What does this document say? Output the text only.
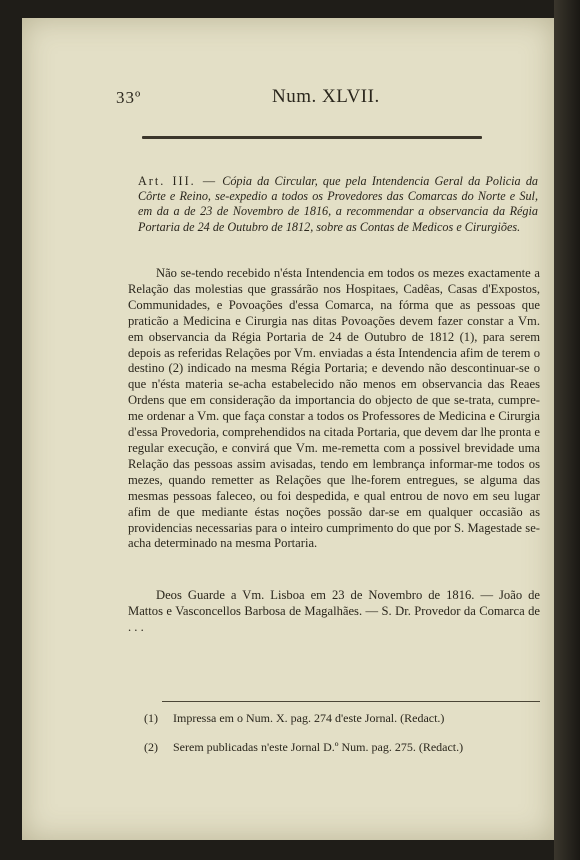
33º	Num. XLVII.
Art. III. — Cópia da Circular, que pela Intendencia Geral da Policia da Côrte e Reino, se-expedio a todos os Provedores das Comarcas do Norte e Sul, em da a de 23 de Novembro de 1816, a recommendar a observancia da Régia Portaria de 24 de Outubro de 1812, sobre as Contas de Medicos e Cirurgiões.
Não se-tendo recebido n'ésta Intendencia em todos os mezes exactamente a Relação das molestias que grassárão nos Hospitaes, Cadêas, Casas d'Expostos, Communidades, e Povoações d'essa Comarca, na fórma que as pessoas que praticão a Medicina e Cirurgia nas ditas Povoações devem fazer constar a Vm. em observancia da Régia Portaria de 24 de Outubro de 1812 (1), para serem depois as referidas Relações por Vm. enviadas a ésta Intendencia afim de terem o destino (2) indicado na mesma Régia Portaria; e devendo não descontinuar-se o que n'ésta materia se-acha estabelecido não menos em observancia das Reaes Ordens que em consideração da importancia do objecto de que se-trata, cumpre-me ordenar a Vm. que faça constar a todos os Professores de Medicina e Cirurgia d'essa Provedoria, comprehendidos na citada Portaria, que devem dar lhe pronta e regular execução, e convirá que Vm. me-remetta com a possivel brevidade uma Relação das pessoas assim avisadas, tendo em lembrança informar-me todos os mezes, quando remetter as Relações que lhe-forem entregues, se alguma das mesmas pessoas faleceo, ou foi despedida, e qual entrou de novo em seu lugar afim de que mediante éstas noções possão dar-se em qualquer occasião as providencias necessarias para o inteiro cumprimento do que por S. Magestade se-acha determinado na mesma Portaria.
Deos Guarde a Vm. Lisboa em 23 de Novembro de 1816. — João de Mattos e Vasconcellos Barbosa de Magalhães. — S. Dr. Provedor da Comarca de . . .
(1) Impressa em o Num. X. pag. 274 d'este Jornal. (Redact.)
(2) Serem publicadas n'este Jornal D.º Num. pag. 275. (Redact.)
